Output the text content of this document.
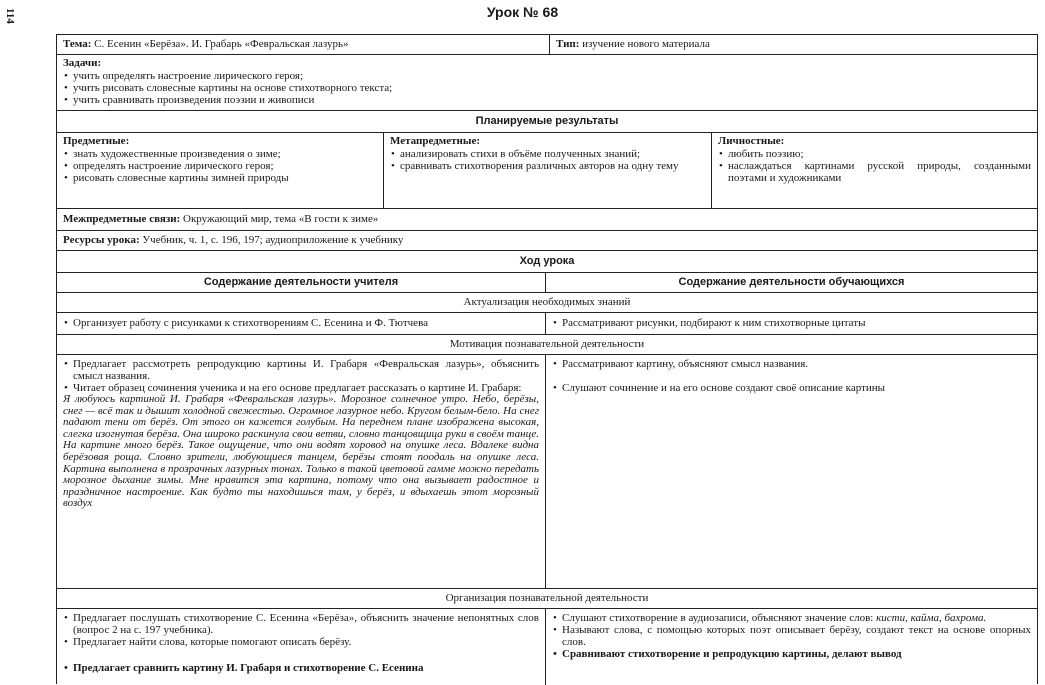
114	Урок № 68
Тема: С. Есенин «Берёза». И. Грабарь «Февральская лазурь»	Тип: изучение нового материала
Задачи:
• учить определять настроение лирического героя;
• учить рисовать словесные картины на основе стихотворного текста;
• учить сравнивать произведения поэзии и живописи
Планируемые результаты
Предметные:
• знать художественные произведения о зиме;
• определять настроение лирического героя;
• рисовать словесные картины зимней природы
Метапредметные:
• анализировать стихи в объёме полученных знаний;
• сравнивать стихотворения различных авторов на одну тему
Личностные:
• любить поэзию;
• наслаждаться картинами русской природы, созданными поэтами и художниками
Межпредметные связи: Окружающий мир, тема «В гости к зиме»
Ресурсы урока: Учебник, ч. 1, с. 196, 197; аудиоприложение к учебнику
Ход урока
Содержание деятельности учителя	Содержание деятельности обучающихся
Актуализация необходимых знаний
• Организует работу с рисунками к стихотворениям С. Есенина и Ф. Тютчева
•	Рассматривают рисунки, подбирают к ним стихотворные цитаты
Мотивация познавательной деятельности
• Предлагает рассмотреть репродукцию картины И. Грабаря «Февральская лазурь», объяснить смысл названия.
• Читает образец сочинения ученика и на его основе предлагает рассказать о картине И. Грабаря:
Я любуюсь картиной И. Грабаря «Февральская лазурь». Морозное солнечное утро. Небо, берёзы, снег — всё так и дышит холодной свежестью. Огромное лазурное небо. Кругом белым-бело. На снег падают тени от берёз. От этого он кажется голубым. На переднем плане изображена высокая, слегка изогнутая берёза. Она широко раскинула свои ветви, словно танцовщица руки в своём танце. На картине много берёз. Такое ощущение, что они водят хоровод на опушке леса. Вдалеке видна берёзовая роща. Словно зрители, любующиеся танцем, берёзы стоят поодаль на опушке леса. Картина выполнена в прозрачных лазурных тонах. Только в такой цветовой гамме можно передать морозное дыхание зимы. Мне нравится эта картина, потому что она вызывает радостное и праздничное настроение. Как будто ты находишься там, у берёз, и вдыхаешь этот морозный воздух
• Рассматривают картину, объясняют смысл названия.
• Слушают сочинение и на его основе создают своё описание картины
Организация познавательной деятельности
• Предлагает послушать стихотворение С. Есенина «Берёза», объяснить значение непонятных слов (вопрос 2 на с. 197 учебника).
• Предлагает найти слова, которые помогают описать берёзу.
• Предлагает сравнить картину И. Грабаря и стихотворение С. Есенина
• Слушают стихотворение в аудиозаписи, объясняют значение слов: кисти, кайма, бахрома.
• Называют слова, с помощью которых поэт описывает берёзу, создают текст на основе опорных слов.
• Сравнивают стихотворение и репродукцию картины, делают вывод
